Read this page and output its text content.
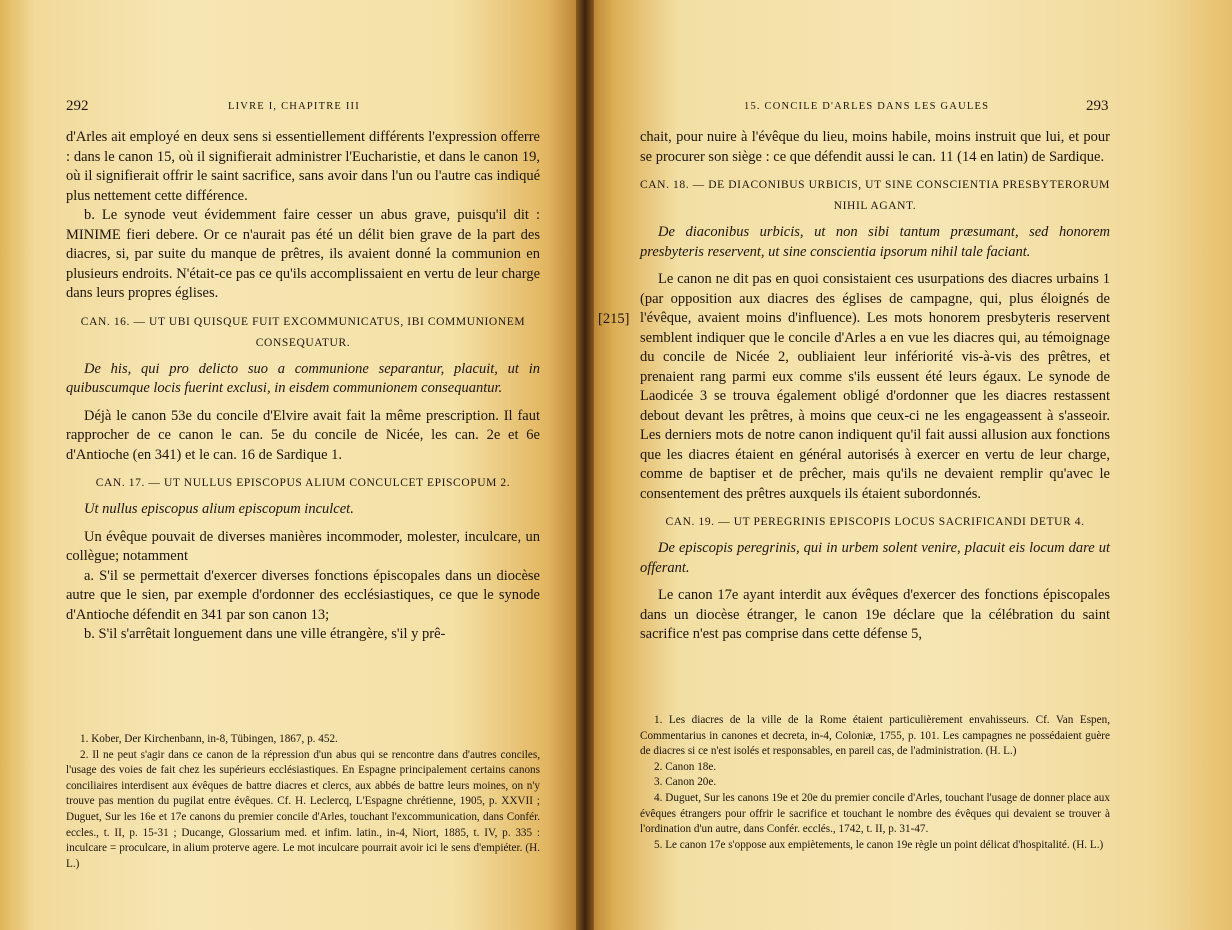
292	LIVRE I, CHAPITRE III

d'Arles ait employé en deux sens si essentiellement différents l'expression offerre : dans le canon 15, où il signifierait administrer l'Eucharistie, et dans le canon 19, où il signifierait offrir le saint sacrifice, sans avoir dans l'un ou l'autre cas indiqué plus nettement cette différence.

b. Le synode veut évidemment faire cesser un abus grave, puisqu'il dit : MINIME fieri debere. Or ce n'aurait pas été un délit bien grave de la part des diacres, si, par suite du manque de prêtres, ils avaient donné la communion en plusieurs endroits. N'était-ce pas ce qu'ils accomplissaient en vertu de leur charge dans leurs propres églises.

CAN. 16. — UT UBI QUISQUE FUIT EXCOMMUNICATUS, IBI COMMUNIONEM CONSEQUATUR.

De his, qui pro delicto suo a communione separantur, placuit, ut in quibuscumque locis fuerint exclusi, in eisdem communionem consequantur.

Déjà le canon 53e du concile d'Elvire avait fait la même prescription. Il faut rapprocher de ce canon le can. 5e du concile de Nicée, les can. 2e et 6e d'Antioche (en 341) et le can. 16 de Sardique 1.

CAN. 17. — UT NULLUS EPISCOPUS ALIUM CONCULCET EPISCOPUM 2.

Ut nullus episcopus alium episcopum inculcet.

Un évêque pouvait de diverses manières incommoder, molester, inculcare, un collègue; notamment

a. S'il se permettait d'exercer diverses fonctions épiscopales dans un diocèse autre que le sien, par exemple d'ordonner des ecclésiastiques, ce que le synode d'Antioche défendit en 341 par son canon 13;

b. S'il s'arrêtait longuement dans une ville étrangère, s'il y prê-

1. Kober, Der Kirchenbann, in-8, Tübingen, 1867, p. 452.

2. Il ne peut s'agir dans ce canon de la répression d'un abus qui se rencontre dans d'autres conciles, l'usage des voies de fait chez les supérieurs ecclésiastiques. En Espagne principalement certains canons conciliaires interdisent aux évêques de battre diacres et clercs, aux abbés de battre leurs moines, on n'y trouve pas mention du pugilat entre évêques. Cf. H. Leclercq, L'Espagne chrétienne, 1905, p. XXVII ; Duguet, Sur les 16e et 17e canons du premier concile d'Arles, touchant l'excommunication, dans Confér. eccles., t. II, p. 15-31 ; Ducange, Glossarium med. et infim. latin., in-4, Niort, 1885, t. IV, p. 335 : inculcare = proculcare, in alium proterve agere. Le mot inculcare pourrait avoir ici le sens d'empiéter. (H. L.)

15. CONCILE D'ARLES DANS LES GAULES	293
[215]

chait, pour nuire à l'évêque du lieu, moins habile, moins instruit que lui, et pour se procurer son siège : ce que défendit aussi le can. 11 (14 en latin) de Sardique.

CAN. 18. — DE DIACONIBUS URBICIS, UT SINE CONSCIENTIA PRESBYTERORUM NIHIL AGANT.

De diaconibus urbicis, ut non sibi tantum præsumant, sed honorem presbyteris reservent, ut sine conscientia ipsorum nihil tale faciant.

Le canon ne dit pas en quoi consistaient ces usurpations des diacres urbains 1 (par opposition aux diacres des églises de campagne, qui, plus éloignés de l'évêque, avaient moins d'influence). Les mots honorem presbyteris reservent semblent indiquer que le concile d'Arles a en vue les diacres qui, au témoignage du concile de Nicée 2, oubliaient leur infériorité vis-à-vis des prêtres, et prenaient rang parmi eux comme s'ils eussent été leurs égaux. Le synode de Laodicée 3 se trouva également obligé d'ordonner que les diacres restassent debout devant les prêtres, à moins que ceux-ci ne les engageassent à s'asseoir. Les derniers mots de notre canon indiquent qu'il fait aussi allusion aux fonctions que les diacres étaient en général autorisés à exercer en vertu de leur charge, comme de baptiser et de prêcher, mais qu'ils ne devaient remplir qu'avec le consentement des prêtres auxquels ils étaient subordonnés.

CAN. 19. — UT PEREGRINIS EPISCOPIS LOCUS SACRIFICANDI DETUR 4.

De episcopis peregrinis, qui in urbem solent venire, placuit eis locum dare ut offerant.

Le canon 17e ayant interdit aux évêques d'exercer des fonctions épiscopales dans un diocèse étranger, le canon 19e déclare que la célébration du saint sacrifice n'est pas comprise dans cette défense 5,

1. Les diacres de la ville de la Rome étaient particulièrement envahisseurs. Cf. Van Espen, Commentarius in canones et decreta, in-4, Coloniæ, 1755, p. 101. Les campagnes ne possédaient guère de diacres si ce n'est isolés et responsables, en pareil cas, de l'administration. (H. L.)

2. Canon 18e.

3. Canon 20e.

4. Duguet, Sur les canons 19e et 20e du premier concile d'Arles, touchant l'usage de donner place aux évêques étrangers pour offrir le sacrifice et touchant le nombre des évêques qui devaient se trouver à l'ordination d'un autre, dans Confér. ecclés., 1742, t. II, p. 31-47.

5. Le canon 17e s'oppose aux empiètements, le canon 19e règle un point délicat d'hospitalité. (H. L.)
